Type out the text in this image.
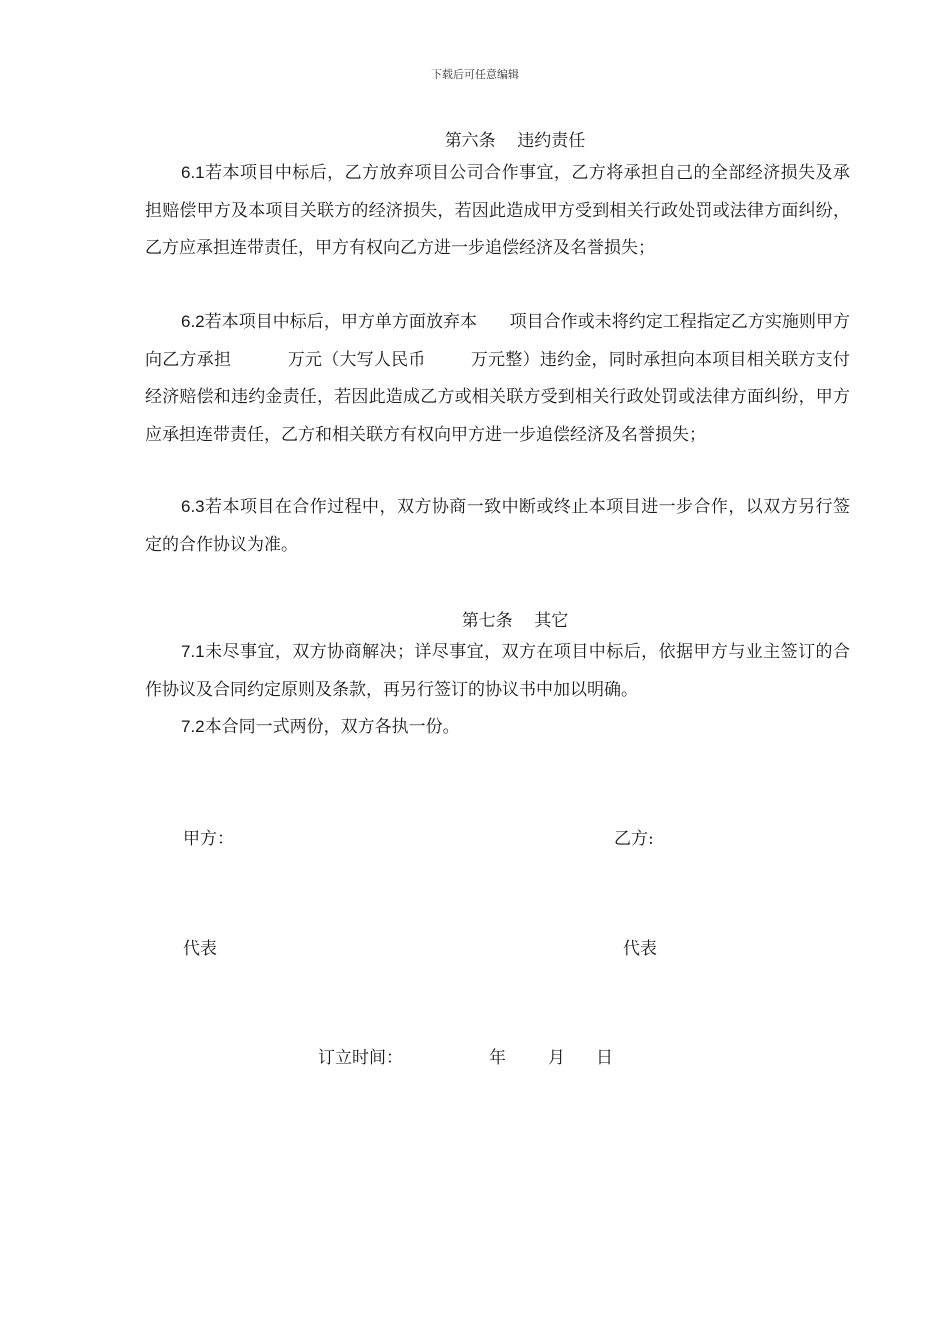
下载后可任意编辑
第六条    违约责任
6.1若本项目中标后，乙方放弃项目公司合作事宜，乙方将承担自己的全部经济损失及承担赔偿甲方及本项目关联方的经济损失，若因此造成甲方受到相关行政处罚或法律方面纠纷，乙方应承担连带责任，甲方有权向乙方进一步追偿经济及名誉损失；
6.2若本项目中标后，甲方单方面放弃本      项目合作或未将约定工程指定乙方实施则甲方向乙方承担          万元（大写人民币        万元整）违约金，同时承担向本项目相关联方支付经济赔偿和违约金责任，若因此造成乙方或相关联方受到相关行政处罚或法律方面纠纷，甲方应承担连带责任，乙方和相关联方有权向甲方进一步追偿经济及名誉损失；
6.3若本项目在合作过程中，双方协商一致中断或终止本项目进一步合作，以双方另行签定的合作协议为准。
第七条    其它
7.1未尽事宜，双方协商解决；详尽事宜，双方在项目中标后，依据甲方与业主签订的合作协议及合同约定原则及条款，再另行签订的协议书中加以明确。
7.2本合同一式两份，双方各执一份。
甲方：	乙方:
代表	代表
订立时间：	年 月 日
